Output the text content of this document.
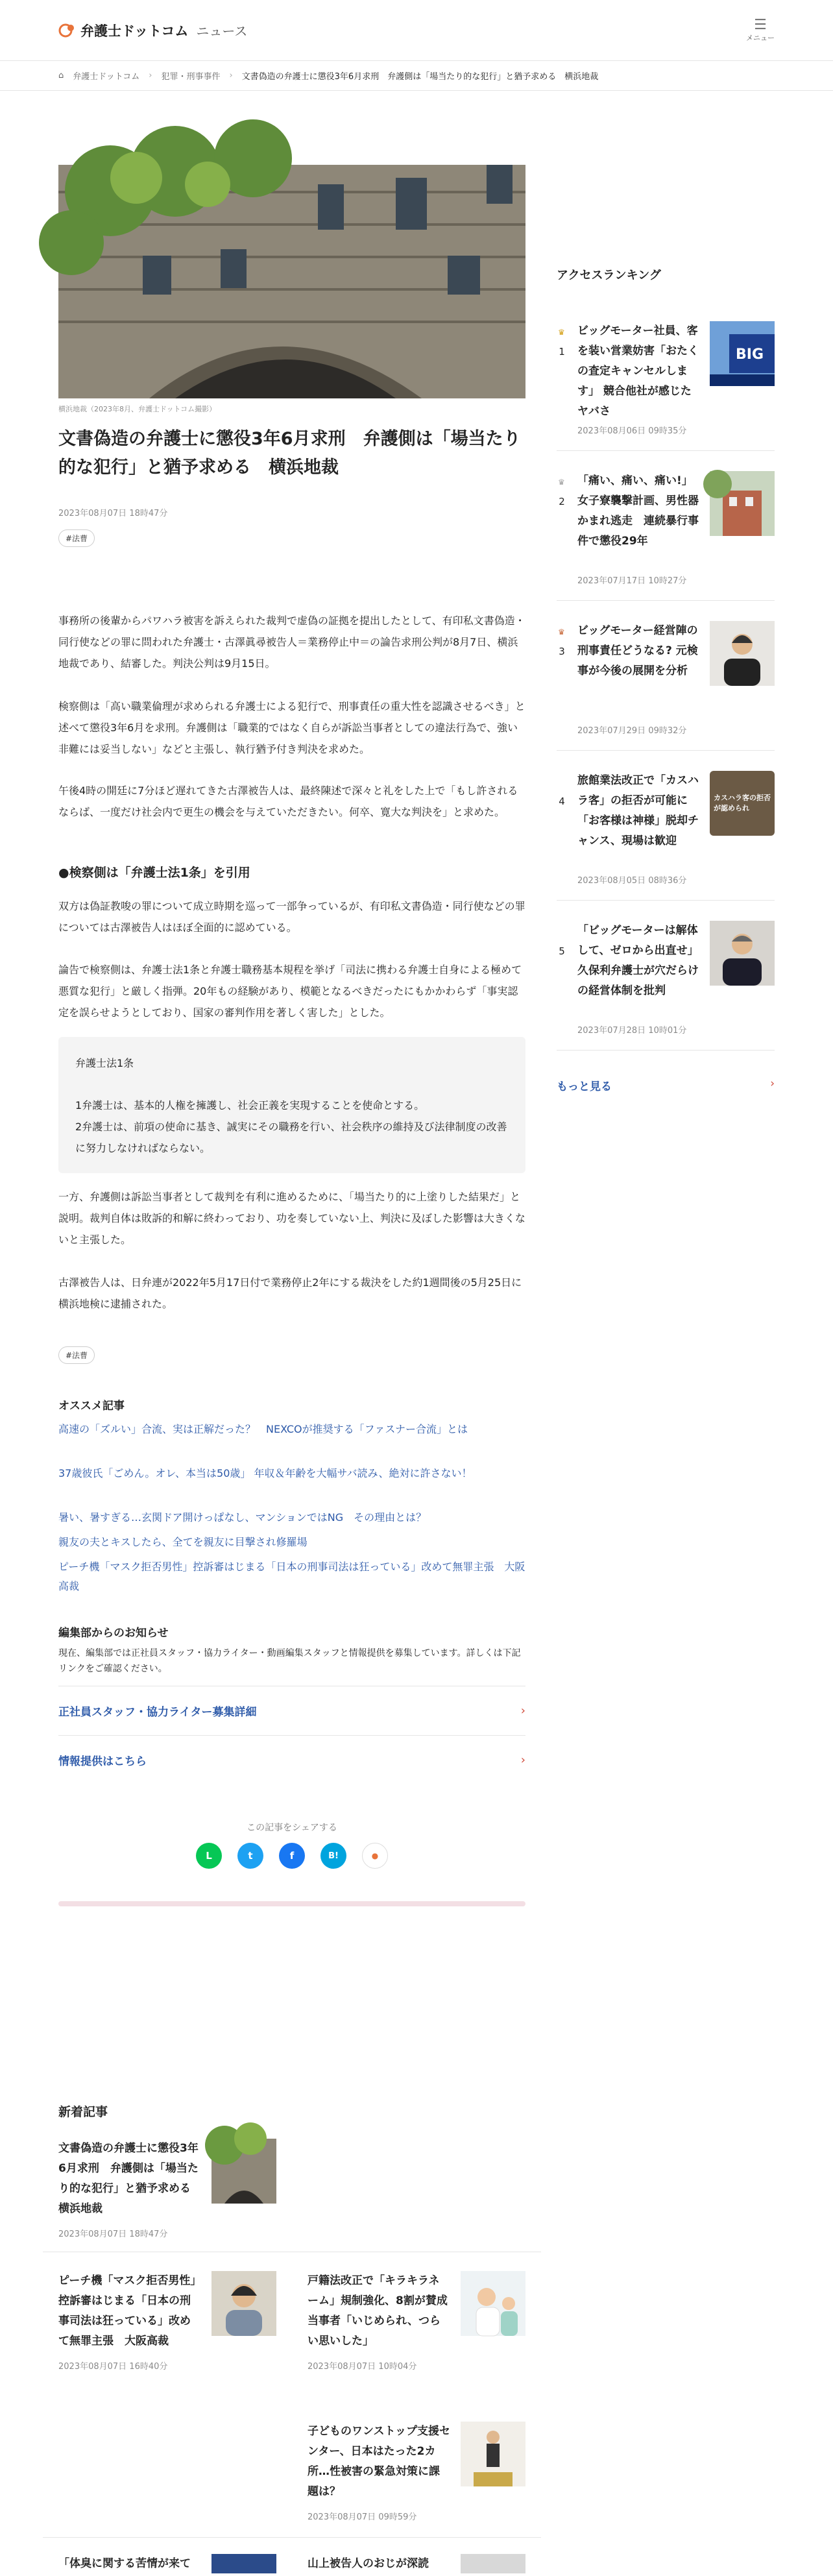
弁護士ドットコム ニュース	☰
メニュー
⌂ 弁護士ドットコム › 犯罪・刑事事件 › 文書偽造の弁護士に懲役3年6月求刑　弁護側は「場当たり的な犯行」と猶予求める　横浜地裁
横浜地裁（2023年8月、弁護士ドットコム撮影）
文書偽造の弁護士に懲役3年6月求刑　弁護側は「場当たり的な犯行」と猶予求める　横浜地裁
2023年08月07日 18時47分
#法曹

事務所の後輩からパワハラ被害を訴えられた裁判で虚偽の証拠を提出したとして、有印私文書偽造・同行使などの罪に問われた弁護士・古澤眞尋被告人＝業務停止中＝の論告求刑公判が8月7日、横浜地裁であり、結審した。判決公判は9月15日。

検察側は「高い職業倫理が求められる弁護士による犯行で、刑事責任の重大性を認識させるべき」と述べて懲役3年6月を求刑。弁護側は「職業的ではなく自らが訴訟当事者としての違法行為で、強い非難には妥当しない」などと主張し、執行猶予付き判決を求めた。

午後4時の開廷に7分ほど遅れてきた古澤被告人は、最終陳述で深々と礼をした上で「もし許されるならば、一度だけ社会内で更生の機会を与えていただきたい。何卒、寛大な判決を」と求めた。

●検察側は「弁護士法1条」を引用

双方は偽証教唆の罪について成立時期を巡って一部争っているが、有印私文書偽造・同行使などの罪については古澤被告人はほぼ全面的に認めている。

論告で検察側は、弁護士法1条と弁護士職務基本規程を挙げ「司法に携わる弁護士自身による極めて悪質な犯行」と厳しく指弾。20年もの経験があり、模範となるべきだったにもかかわらず「事実認定を誤らせようとしており、国家の審判作用を著しく害した」とした。

弁護士法1条
1弁護士は、基本的人権を擁護し、社会正義を実現することを使命とする。
2弁護士は、前項の使命に基き、誠実にその職務を行い、社会秩序の維持及び法律制度の改善に努力しなければならない。

一方、弁護側は訴訟当事者として裁判を有利に進めるために、「場当たり的に上塗りした結果だ」と説明。裁判自体は敗訴的和解に終わっており、功を奏していない上、判決に及ぼした影響は大きくないと主張した。

古澤被告人は、日弁連が2022年5月17日付で業務停止2年にする裁決をした約1週間後の5月25日に横浜地検に逮捕された。

#法曹
オススメ記事
高速の「ズルい」合流、実は正解だった？　NEXCOが推奨する「ファスナー合流」とは
37歳彼氏「ごめん。オレ、本当は50歳」 年収＆年齢を大幅サバ読み、絶対に許さない！
暑い、暑すぎる…玄関ドア開けっぱなし、マンションではNG　その理由とは？
親友の夫とキスしたら、全てを親友に目撃され修羅場
ピーチ機「マスク拒否男性」控訴審はじまる「日本の刑事司法は狂っている」改めて無罪主張　大阪高裁
編集部からのお知らせ

現在、編集部では正社員スタッフ・協力ライター・動画編集スタッフと情報提供を募集しています。詳しくは下記リンクをご確認ください。

正社員スタッフ・協力ライター募集詳細	›
情報提供はこちら	›
この記事をシェアする
L	t	f	B!	●
新着記事
文書偽造の弁護士に懲役3年6月求刑　弁護側は「場当たり的な犯行」と猶予求める　横浜地裁
2023年08月07日 18時47分
ピーチ機「マスク拒否男性」控訴審はじまる「日本の刑事司法は狂っている」改めて無罪主張　大阪高裁
2023年08月07日 16時40分
戸籍法改正で「キラキラネーム」規制強化、8割が賛成 当事者「いじめられ、つらい思いした」
2023年08月07日 10時04分
子どものワンストップ支援センター、日本はたった2カ所…性被害の緊急対策に課題は？
2023年08月07日 09時59分
「体臭に関する苦情が来て	山上被告人のおじが深読
アクセスランキング
♛
1
ビッグモーター社員、客を装い営業妨害「おたくの査定キャンセルします」 競合他社が感じたヤバさ
2023年08月06日 09時35分
BIG
♛
2
「痛い、痛い、痛い!」女子寮襲撃計画、男性器かまれ逃走　連続暴行事件で懲役29年
2023年07月17日 10時27分
♛
3
ビッグモーター経営陣の刑事責任どうなる? 元検事が今後の展開を分析
2023年07月29日 09時32分
4
旅館業法改正で「カスハラ客」の拒否が可能に「お客様は神様」脱却チャンス、現場は歓迎
2023年08月05日 08時36分
カスハラ客の拒否が認められ
5
「ビッグモーターは解体して、ゼロから出直せ」久保利弁護士が穴だらけの経営体制を批判
2023年07月28日 10時01分
もっと見る	›
